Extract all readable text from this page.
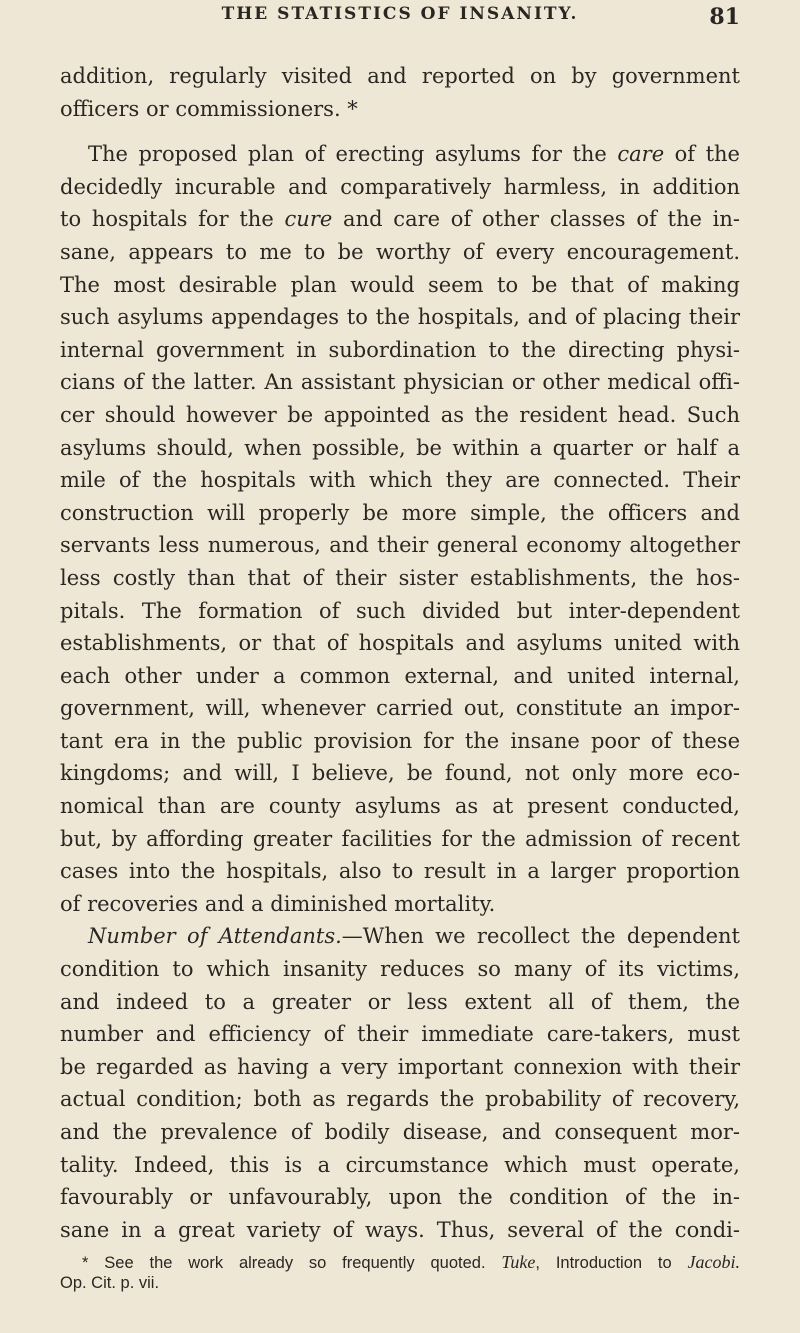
THE STATISTICS OF INSANITY.	81
addition, regularly visited and reported on by government
officers or commissioners. *
The proposed plan of erecting asylums for the care of the
decidedly incurable and comparatively harmless, in addition
to hospitals for the cure and care of other classes of the in-
sane, appears to me to be worthy of every encouragement.
The most desirable plan would seem to be that of making
such asylums appendages to the hospitals, and of placing their
internal government in subordination to the directing physi-
cians of the latter. An assistant physician or other medical offi-
cer should however be appointed as the resident head. Such
asylums should, when possible, be within a quarter or half a
mile of the hospitals with which they are connected. Their
construction will properly be more simple, the officers and
servants less numerous, and their general economy altogether
less costly than that of their sister establishments, the hos-
pitals. The formation of such divided but inter-dependent
establishments, or that of hospitals and asylums united with
each other under a common external, and united internal,
government, will, whenever carried out, constitute an impor-
tant era in the public provision for the insane poor of these
kingdoms; and will, I believe, be found, not only more eco-
nomical than are county asylums as at present conducted,
but, by affording greater facilities for the admission of recent
cases into the hospitals, also to result in a larger proportion
of recoveries and a diminished mortality.
Number of Attendants.—When we recollect the dependent
condition to which insanity reduces so many of its victims,
and indeed to a greater or less extent all of them, the
number and efficiency of their immediate care-takers, must
be regarded as having a very important connexion with their
actual condition; both as regards the probability of recovery,
and the prevalence of bodily disease, and consequent mor-
tality. Indeed, this is a circumstance which must operate,
favourably or unfavourably, upon the condition of the in-
sane in a great variety of ways. Thus, several of the condi-
* See the work already so frequently quoted. Tuke, Introduction to Jacobi.
Op. Cit. p. vii.
